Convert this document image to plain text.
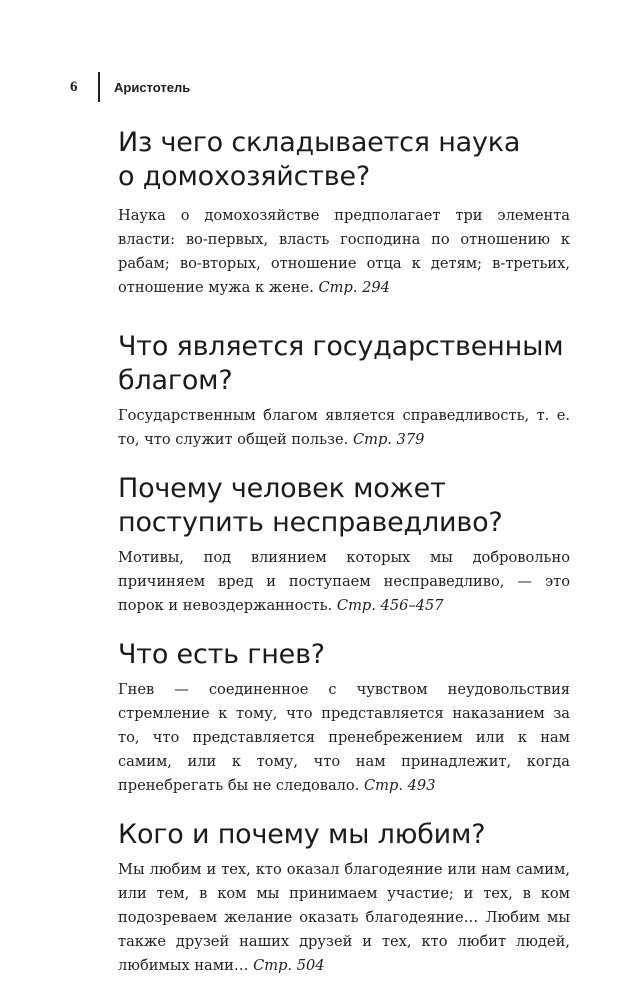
6	Аристотель
Из чего складывается наука
о домохозяйстве?

Наука о домохозяйстве предполагает три элемента власти: во-первых, власть господина по отношению к рабам; во-вторых, отношение отца к детям; в-третьих, отношение мужа к жене. Стр. 294

Что является государственным
благом?

Государственным благом является справедливость, т. е. то, что служит общей пользе. Стр. 379

Почему человек может
поступить несправедливо?

Мотивы, под влиянием которых мы добровольно причиняем вред и поступаем несправедливо, — это порок и невоздержанность. Стр. 456–457

Что есть гнев?

Гнев — соединенное с чувством неудовольствия стремление к тому, что представляется наказанием за то, что представляется пренебрежением или к нам самим, или к тому, что нам принадлежит, когда пренебрегать бы не следовало. Стр. 493

Кого и почему мы любим?

Мы любим и тех, кто оказал благодеяние или нам самим, или тем, в ком мы принимаем участие; и тех, в ком подозреваем желание оказать благодеяние… Любим мы также друзей наших друзей и тех, кто любит людей, любимых нами… Стр. 504
